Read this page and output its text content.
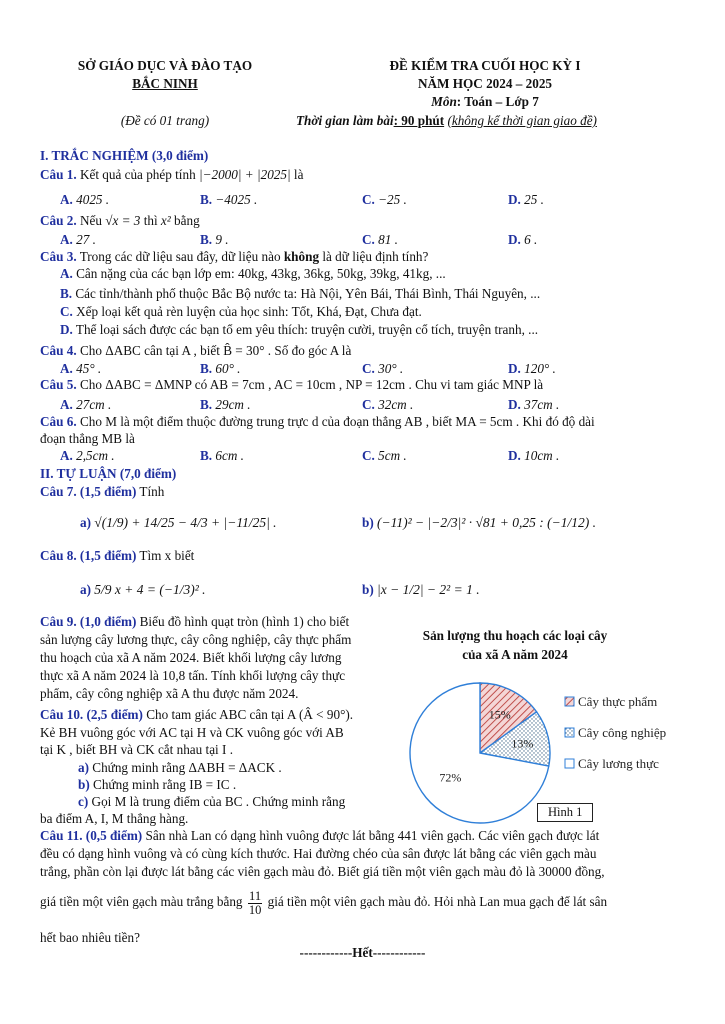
SỞ GIÁO DỤC VÀ ĐÀO TẠO
BẮC NINH
(Đề có 01 trang)
ĐỀ KIỂM TRA CUỐI HỌC KỲ I
NĂM HỌC 2024 – 2025
Môn: Toán – Lớp 7
Thời gian làm bài: 90 phút (không kể thời gian giao đề)
I. TRẮC NGHIỆM (3,0 điểm)
Câu 1. Kết quả của phép tính |−2000| + |2025| là
A. 4025 .	B. −4025 .	C. −25 .	D. 25 .
Câu 2. Nếu √x = 3 thì x² bằng
A. 27 .	B. 9 .	C. 81 .	D. 6 .
Câu 3. Trong các dữ liệu sau đây, dữ liệu nào không là dữ liệu định tính?
A. Cân nặng của các bạn lớp em: 40kg, 43kg, 36kg, 50kg, 39kg, 41kg, ...
B. Các tỉnh/thành phố thuộc Bắc Bộ nước ta: Hà Nội, Yên Bái, Thái Bình, Thái Nguyên, ...
C. Xếp loại kết quả rèn luyện của học sinh: Tốt, Khá, Đạt, Chưa đạt.
D. Thể loại sách được các bạn tổ em yêu thích: truyện cười, truyện cổ tích, truyện tranh, ...
Câu 4. Cho ΔABC cân tại A , biết B̂ = 30° . Số đo góc A là
A. 45° .	B. 60° .	C. 30° .	D. 120° .
Câu 5. Cho ΔABC = ΔMNP có AB = 7cm , AC = 10cm , NP = 12cm . Chu vi tam giác MNP là
A. 27cm .	B. 29cm .	C. 32cm .	D. 37cm .
Câu 6. Cho M là một điểm thuộc đường trung trực d của đoạn thẳng AB , biết MA = 5cm . Khi đó độ dài
đoạn thẳng MB là
A. 2,5cm .	B. 6cm .	C. 5cm .	D. 10cm .
II. TỰ LUẬN (7,0 điểm)
Câu 7. (1,5 điểm) Tính
a) √(1/9) + 14/25 − 4/3 + |−11/25| .	b) (−11)² − |−2/3|² · √81 + 0,25 : (−1/12) .
Câu 8. (1,5 điểm) Tìm x biết
a) 5/9 x + 4 = (−1/3)² .	b) |x − 1/2| − 2² = 1 .
Câu 9. (1,0 điểm) Biểu đồ hình quạt tròn (hình 1) cho biết
sản lượng cây lương thực, cây công nghiệp, cây thực phẩm
thu hoạch của xã A năm 2024. Biết khối lượng cây lương
thực xã A năm 2024 là 10,8 tấn. Tính khối lượng cây thực
phẩm, cây công nghiệp xã A thu được năm 2024.
Câu 10. (2,5 điểm) Cho tam giác ABC cân tại A (Â < 90°).
Kẻ BH vuông góc với AC tại H và CK vuông góc với AB
tại K , biết BH và CK cắt nhau tại I .
a) Chứng minh rằng ΔABH = ΔACK .
b) Chứng minh rằng IB = IC .
c) Gọi M là trung điểm của BC . Chứng minh rằng
ba điểm A, I, M thẳng hàng.
Sản lượng thu hoạch các loại cây
của xã A năm 2024
15%
13%
72%
Cây thực phẩm
Cây công nghiệp
Cây lương thực
Hình 1
Câu 11. (0,5 điểm) Sân nhà Lan có dạng hình vuông được lát bằng 441 viên gạch. Các viên gạch được lát
đều có dạng hình vuông và có cùng kích thước. Hai đường chéo của sân được lát bằng các viên gạch màu
trắng, phần còn lại được lát bằng các viên gạch màu đỏ. Biết giá tiền một viên gạch màu đỏ là 30000 đồng,
giá tiền một viên gạch màu trắng bằng $\frac{11}{10}$ giá tiền một viên gạch màu đỏ. Hỏi nhà Lan mua gạch để lát sân
hết bao nhiêu tiền?
------------Hết------------
